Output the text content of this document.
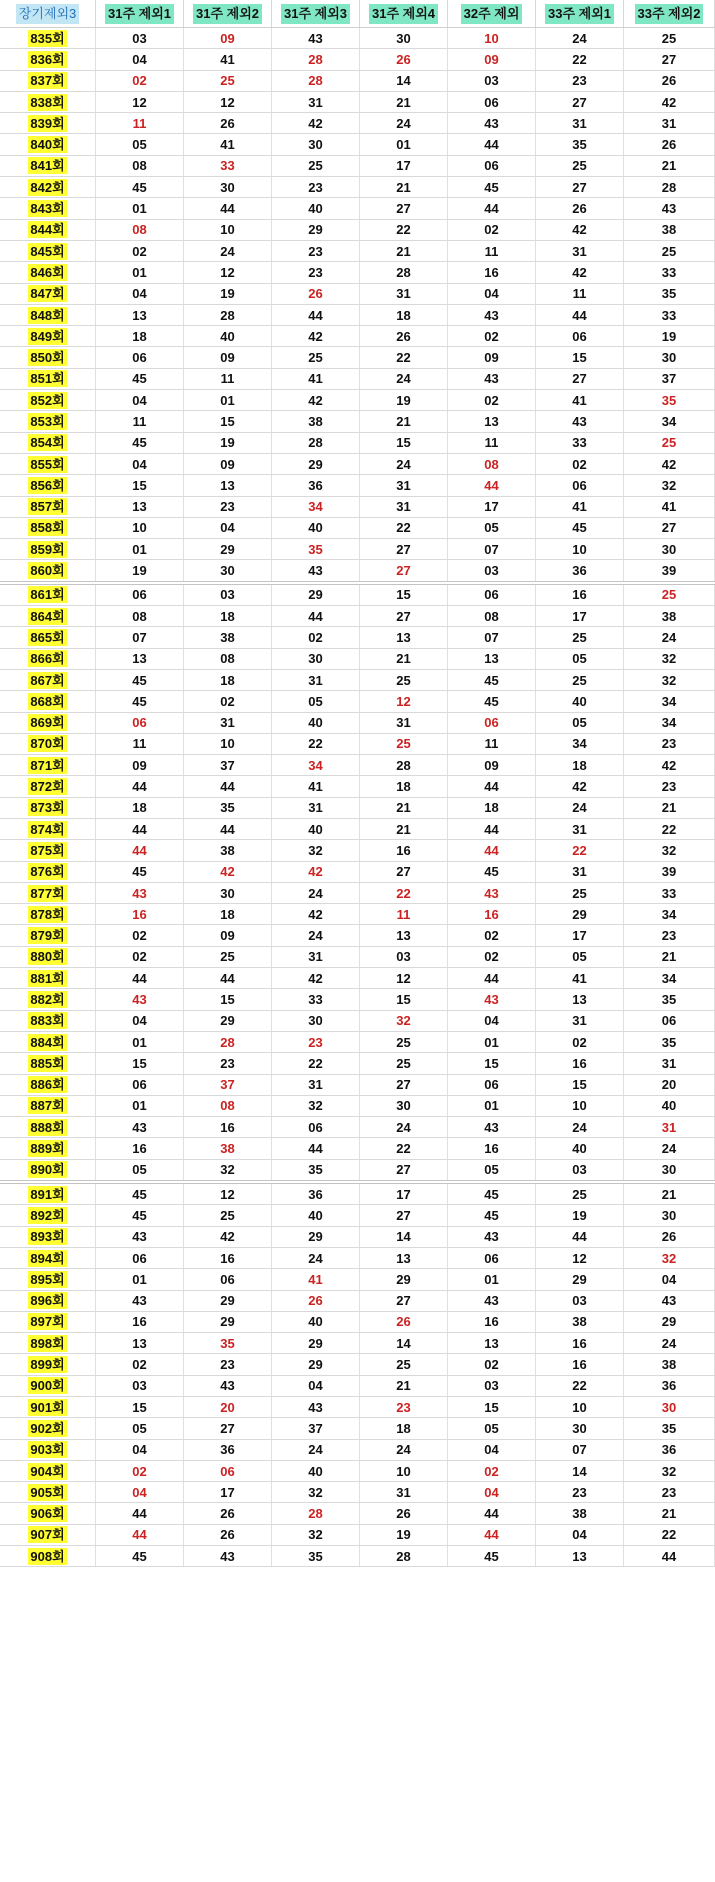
장기제외3 31주 제외1 31주 제외2 31주 제외3 31주 제외4 32주 제외 33주 제외1 33주 제외2
835회	03	09	43	30	10	24	25
836회	04	41	28	26	09	22	27
837회	02	25	28	14	03	23	26
838회	12	12	31	21	06	27	42
839회	11	26	42	24	43	31	31
840회	05	41	30	01	44	35	26
841회	08	33	25	17	06	25	21
842회	45	30	23	21	45	27	28
843회	01	44	40	27	44	26	43
844회	08	10	29	22	02	42	38
845회	02	24	23	21	11	31	25
846회	01	12	23	28	16	42	33
847회	04	19	26	31	04	11	35
848회	13	28	44	18	43	44	33
849회	18	40	42	26	02	06	19
850회	06	09	25	22	09	15	30
851회	45	11	41	24	43	27	37
852회	04	01	42	19	02	41	35
853회	11	15	38	21	13	43	34
854회	45	19	28	15	11	33	25
855회	04	09	29	24	08	02	42
856회	15	13	36	31	44	06	32
857회	13	23	34	31	17	41	41
858회	10	04	40	22	05	45	27
859회	01	29	35	27	07	10	30
860회	19	30	43	27	03	36	39
861회	06	03	29	15	06	16	25
864회	08	18	44	27	08	17	38
865회	07	38	02	13	07	25	24
866회	13	08	30	21	13	05	32
867회	45	18	31	25	45	25	32
868회	45	02	05	12	45	40	34
869회	06	31	40	31	06	05	34
870회	11	10	22	25	11	34	23
871회	09	37	34	28	09	18	42
872회	44	44	41	18	44	42	23
873회	18	35	31	21	18	24	21
874회	44	44	40	21	44	31	22
875회	44	38	32	16	44	22	32
876회	45	42	42	27	45	31	39
877회	43	30	24	22	43	25	33
878회	16	18	42	11	16	29	34
879회	02	09	24	13	02	17	23
880회	02	25	31	03	02	05	21
881회	44	44	42	12	44	41	34
882회	43	15	33	15	43	13	35
883회	04	29	30	32	04	31	06
884회	01	28	23	25	01	02	35
885회	15	23	22	25	15	16	31
886회	06	37	31	27	06	15	20
887회	01	08	32	30	01	10	40
888회	43	16	06	24	43	24	31
889회	16	38	44	22	16	40	24
890회	05	32	35	27	05	03	30
891회	45	12	36	17	45	25	21
892회	45	25	40	27	45	19	30
893회	43	42	29	14	43	44	26
894회	06	16	24	13	06	12	32
895회	01	06	41	29	01	29	04
896회	43	29	26	27	43	03	43
897회	16	29	40	26	16	38	29
898회	13	35	29	14	13	16	24
899회	02	23	29	25	02	16	38
900회	03	43	04	21	03	22	36
901회	15	20	43	23	15	10	30
902회	05	27	37	18	05	30	35
903회	04	36	24	24	04	07	36
904회	02	06	40	10	02	14	32
905회	04	17	32	31	04	23	23
906회	44	26	28	26	44	38	21
907회	44	26	32	19	44	04	22
908회	45	43	35	28	45	13	44
